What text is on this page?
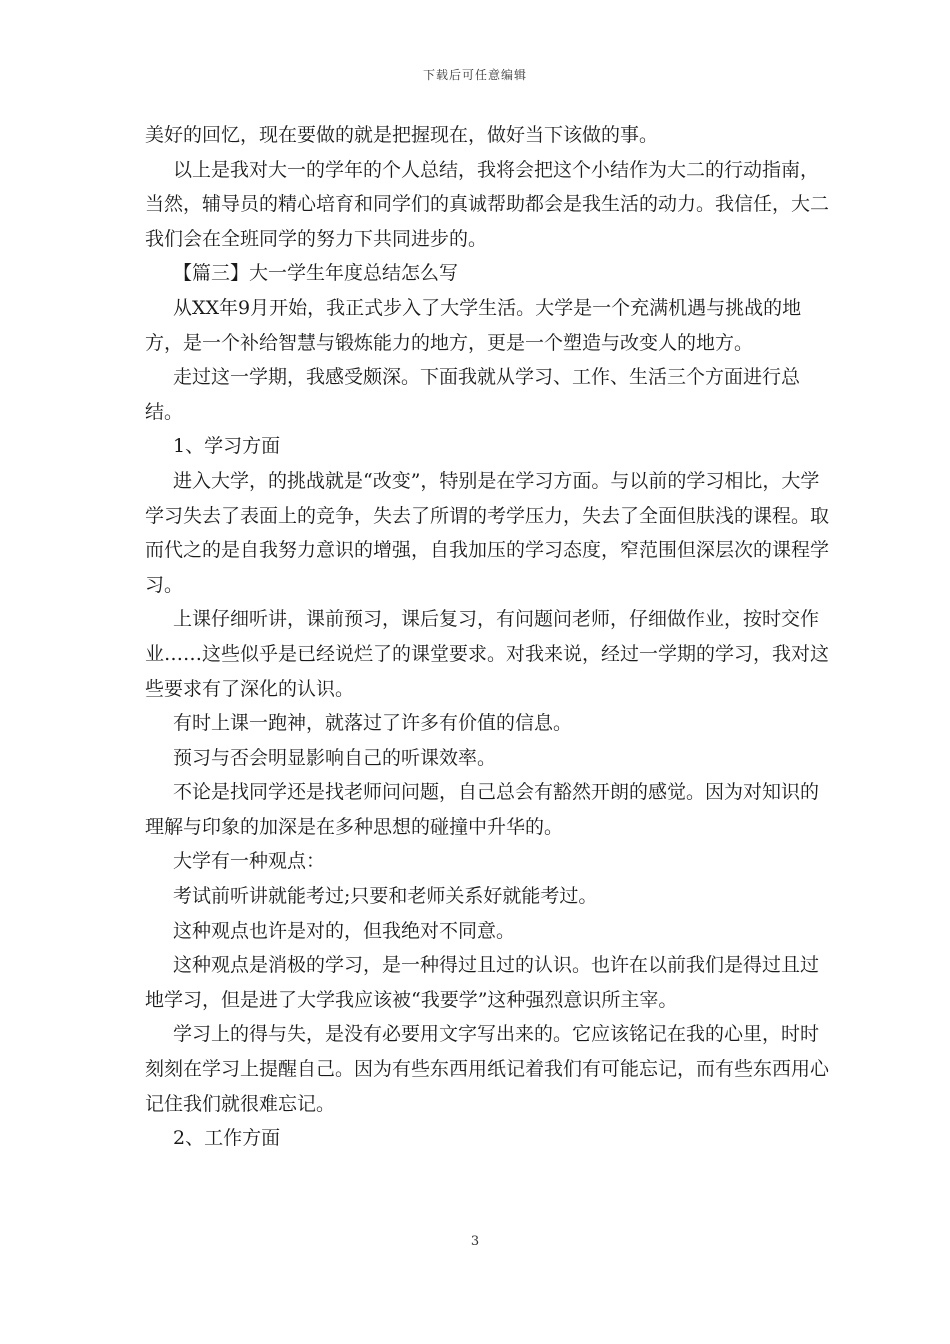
下载后可任意编辑

美好的回忆，现在要做的就是把握现在，做好当下该做的事。

以上是我对大一的学年的个人总结，我将会把这个小结作为大二的行动指南，当然，辅导员的精心培育和同学们的真诚帮助都会是我生活的动力。我信任，大二我们会在全班同学的努力下共同进步的。

【篇三】大一学生年度总结怎么写

从XX年9月开始，我正式步入了大学生活。大学是一个充满机遇与挑战的地方，是一个补给智慧与锻炼能力的地方，更是一个塑造与改变人的地方。

走过这一学期，我感受颇深。下面我就从学习、工作、生活三个方面进行总结。

1、学习方面

进入大学，的挑战就是“改变”，特别是在学习方面。与以前的学习相比，大学学习失去了表面上的竞争，失去了所谓的考学压力，失去了全面但肤浅的课程。取而代之的是自我努力意识的增强，自我加压的学习态度，窄范围但深层次的课程学习。

上课仔细听讲，课前预习，课后复习，有问题问老师，仔细做作业，按时交作业……这些似乎是已经说烂了的课堂要求。对我来说，经过一学期的学习，我对这些要求有了深化的认识。

有时上课一跑神，就落过了许多有价值的信息。

预习与否会明显影响自己的听课效率。

不论是找同学还是找老师问问题，自己总会有豁然开朗的感觉。因为对知识的理解与印象的加深是在多种思想的碰撞中升华的。

大学有一种观点：

考试前听讲就能考过;只要和老师关系好就能考过。

这种观点也许是对的，但我绝对不同意。

这种观点是消极的学习，是一种得过且过的认识。也许在以前我们是得过且过地学习，但是进了大学我应该被“我要学”这种强烈意识所主宰。

学习上的得与失，是没有必要用文字写出来的。它应该铭记在我的心里，时时刻刻在学习上提醒自己。因为有些东西用纸记着我们有可能忘记，而有些东西用心记住我们就很难忘记。

2、工作方面

3
